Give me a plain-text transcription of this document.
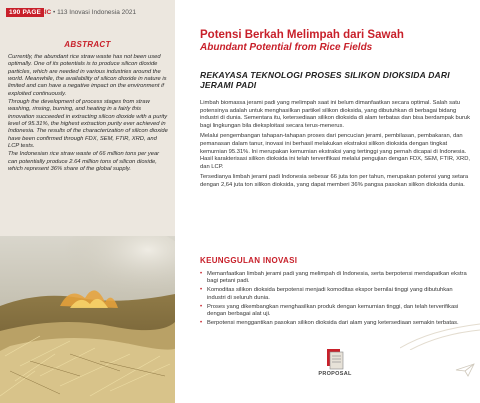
190 PAGE
BIC • 113 Inovasi Indonesia 2021
ABSTRACT

Currently, the abundant rice straw waste has not been used optimally. One of its potentials is to produce silicon dioxide particles, which are needed in various industries around the world. Meanwhile, the availability of silicon dioxide in nature is limited and can have a negative impact on the environment if exploited continuously.

Through the development of process stages from straw washing, rinsing, burning, and heating in a fairly this innovation succeeded in extracting silicon dioxide with a purity level of 95.31%, the highest extraction purity ever achieved in Indonesia. The results of the characterization of silicon dioxide have been confirmed through FDX, SEM, FTIR, XRD, and LCP tests.

The Indonesian rice straw waste of 66 million tons per year can potentially produce 2.64 million tons of silicon dioxide, which represent 36% share of the global supply.

Potensi Berkah Melimpah dari Sawah
Abundant Potential from Rice Fields
REKAYASA TEKNOLOGI PROSES SILIKON DIOKSIDA DARI JERAMI PADI

Limbah biomassa jerami padi yang melimpah saat ini belum dimanfaatkan secara optimal. Salah satu potensinya adalah untuk menghasilkan partikel silikon dioksida, yang dibutuhkan di berbagai bidang industri di dunia. Sementara itu, ketersediaan silikon dioksida di alam terbatas dan bisa berdampak buruk bagi lingkungan bila dieksploitasi secara terus-menerus.

Melalui pengembangan tahapan-tahapan proses dari pencucian jerami, pembilasan, pembakaran, dan pemanasan dalam tanur, inovasi ini berhasil melakukan ekstraksi silikon dioksida dengan tingkat kemurnian 95.31%. Ini merupakan kemurnian ekstraksi yang tertinggi yang pernah dicapai di Indonesia. Hasil karakterisasi silikon dioksida ini telah terverifikasi melalui pengujian dengan FDX, SEM, FTIR, XRD, dan LCP.

Tersedianya limbah jerami padi Indonesia sebesar 66 juta ton per tahun, merupakan potensi yang setara dengan 2,64 juta ton silikon dioksida, yang dapat memberi 36% pangsa pasokan silikon dioksida dunia.

KEUNGGULAN INOVASI
• Memanfaatkan limbah jerami padi yang melimpah di Indonesia, serta berpotensi mendapatkan ekstra bagi petani padi.
• Komoditas silikon dioksida berpotensi menjadi komoditas ekspor bernilai tinggi yang dibutuhkan industri di seluruh dunia.
• Proses yang dikembangkan menghasilkan produk dengan kemurnian tinggi, dan telah terverifikasi dengan berbagai alat uji.
• Berpotensi menggantikan pasokan silikon dioksida dari alam yang ketersediaan semakin terbatas.
PROPOSAL
